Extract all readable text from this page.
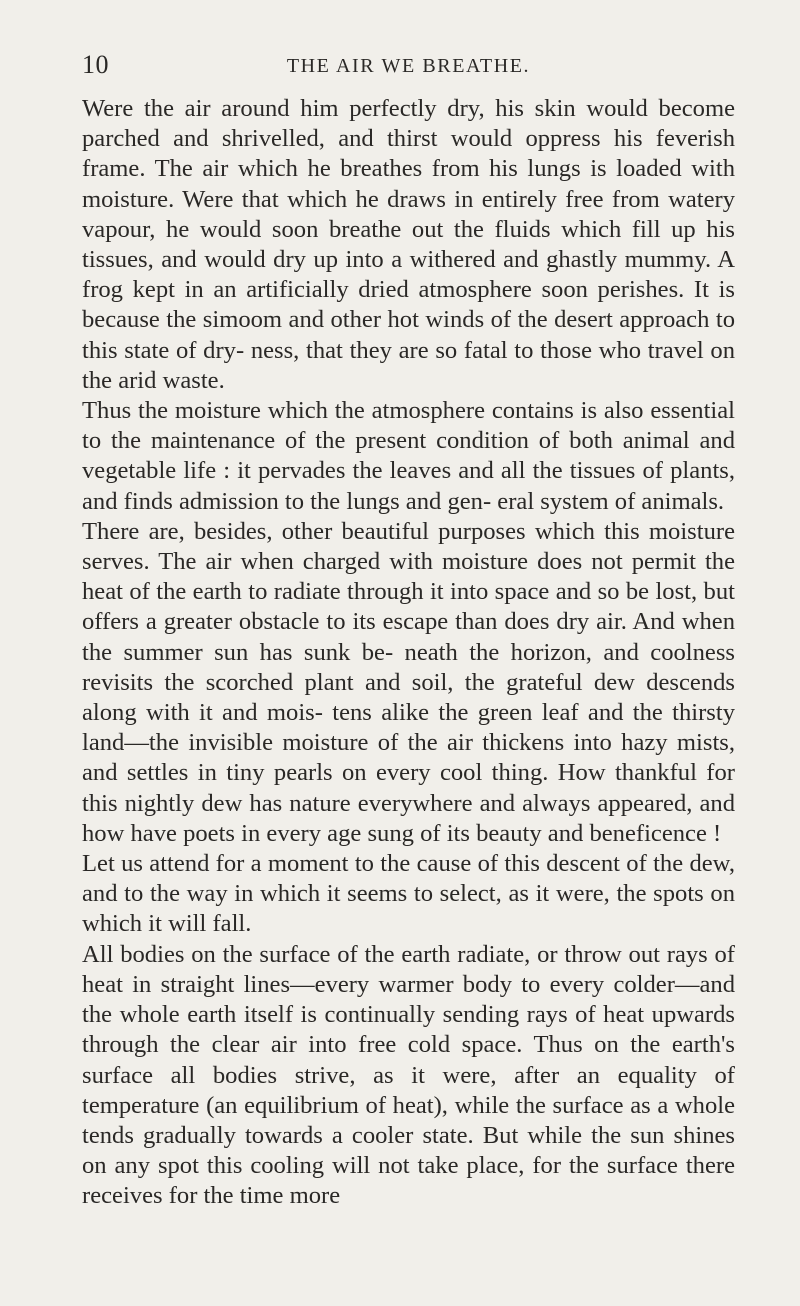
10	THE AIR WE BREATHE.

Were the air around him perfectly dry, his skin would become parched and shrivelled, and thirst would oppress his feverish frame. The air which he breathes from his lungs is loaded with moisture. Were that which he draws in entirely free from watery vapour, he would soon breathe out the fluids which fill up his tissues, and would dry up into a withered and ghastly mummy. A frog kept in an artificially dried atmosphere soon perishes. It is because the simoom and other hot winds of the desert approach to this state of dry- ness, that they are so fatal to those who travel on the arid waste.

Thus the moisture which the atmosphere contains is also essential to the maintenance of the present condition of both animal and vegetable life : it pervades the leaves and all the tissues of plants, and finds admission to the lungs and gen- eral system of animals.

There are, besides, other beautiful purposes which this moisture serves. The air when charged with moisture does not permit the heat of the earth to radiate through it into space and so be lost, but offers a greater obstacle to its escape than does dry air. And when the summer sun has sunk be- neath the horizon, and coolness revisits the scorched plant and soil, the grateful dew descends along with it and mois- tens alike the green leaf and the thirsty land—the invisible moisture of the air thickens into hazy mists, and settles in tiny pearls on every cool thing. How thankful for this nightly dew has nature everywhere and always appeared, and how have poets in every age sung of its beauty and beneficence !

Let us attend for a moment to the cause of this descent of the dew, and to the way in which it seems to select, as it were, the spots on which it will fall.

All bodies on the surface of the earth radiate, or throw out rays of heat in straight lines—every warmer body to every colder—and the whole earth itself is continually sending rays of heat upwards through the clear air into free cold space. Thus on the earth's surface all bodies strive, as it were, after an equality of temperature (an equilibrium of heat), while the surface as a whole tends gradually towards a cooler state. But while the sun shines on any spot this cooling will not take place, for the surface there receives for the time more
